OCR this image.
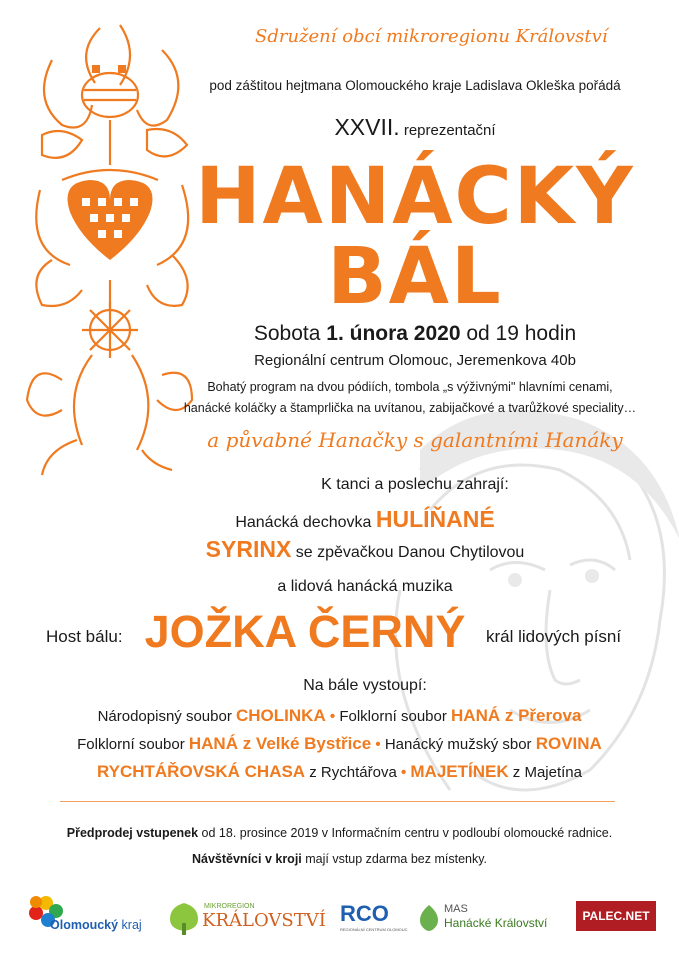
Sdružení obcí mikroregionu Království
pod záštitou hejtmana Olomouckého kraje Ladislava Okleška pořádá
XXVII. reprezentační
HANÁCKÝ
BÁL
Sobota 1. února 2020 od 19 hodin
Regionální centrum Olomouc, Jeremenkova 40b
Bohatý program na dvou pódiích, tombola „s výživnými" hlavními cenami,
hanácké koláčky a štamprlička na uvítanou, zabijačkové a tvarůžkové speciality…
a půvabné Hanačky s galantními Hanáky
K tanci a poslechu zahrají:
Hanácká dechovka HULÍŇANÉ
SYRINX se zpěvačkou Danou Chytilovou
a lidová hanácká muzika
Host bálu: JOŽKA ČERNÝ	král lidových písní
Na bále vystoupí:
Národopisný soubor CHOLINKA • Folklorní soubor HANÁ z Přerova
Folklorní soubor HANÁ z Velké Bystřice • Hanácký mužský sbor ROVINA
RYCHTÁŘOVSKÁ CHASA z Rychtářova • MAJETÍNEK z Majetína
Předprodej vstupenek od 18. prosince 2019 v Informačním centru v podloubí olomoucké radnice.
Návštěvníci v kroji mají vstup zdarma bez místenky.
Olomoucký kraj
MIKROREGION
KRÁLOVSTVÍ RCO
REGIONÁLNÍ CENTRUM OLOMOUC
MAS
Hanácké Království	PALEC.NET
